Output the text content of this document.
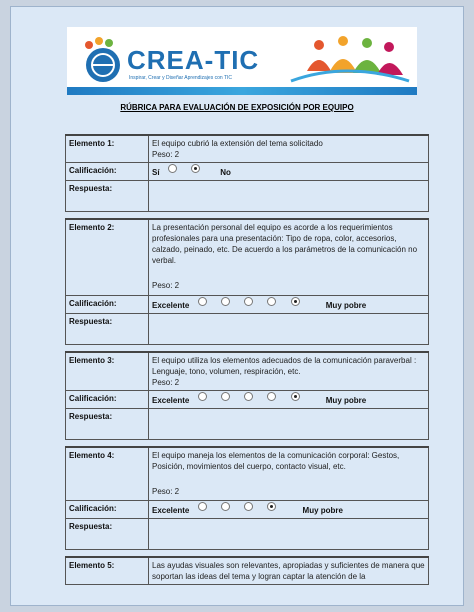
CREA-TIC
Inspirar, Crear y Diseñar Aprendizajes con TIC
RÚBRICA PARA EVALUACIÓN DE EXPOSICIÓN POR EQUIPO
Elemento 1:	El equipo cubrió la extensión del tema solicitado
Peso: 2

Calificación:	Sí No
Respuesta:	

Elemento 2:	La presentación personal del equipo es acorde a los requerimientos profesionales para una presentación: Tipo de ropa, color, accesorios, calzado, peinado, etc. De acuerdo a los parámetros de la comunicación no verbal.
Peso: 2

Calificación:	Excelente Muy pobre
Respuesta:	

Elemento 3:	El equipo utiliza los elementos adecuados de la comunicación paraverbal : Lenguaje, tono, volumen, respiración, etc.
Peso: 2

Calificación:	Excelente Muy pobre
Respuesta:	

Elemento 4:	El equipo maneja los elementos de la comunicación corporal: Gestos, Posición, movimientos del cuerpo, contacto visual, etc.
Peso: 2

Calificación:	Excelente Muy pobre
Respuesta:	

Elemento 5:	Las ayudas visuales son relevantes, apropiadas y suficientes de manera que soportan las ideas del tema y logran captar la atención de la
